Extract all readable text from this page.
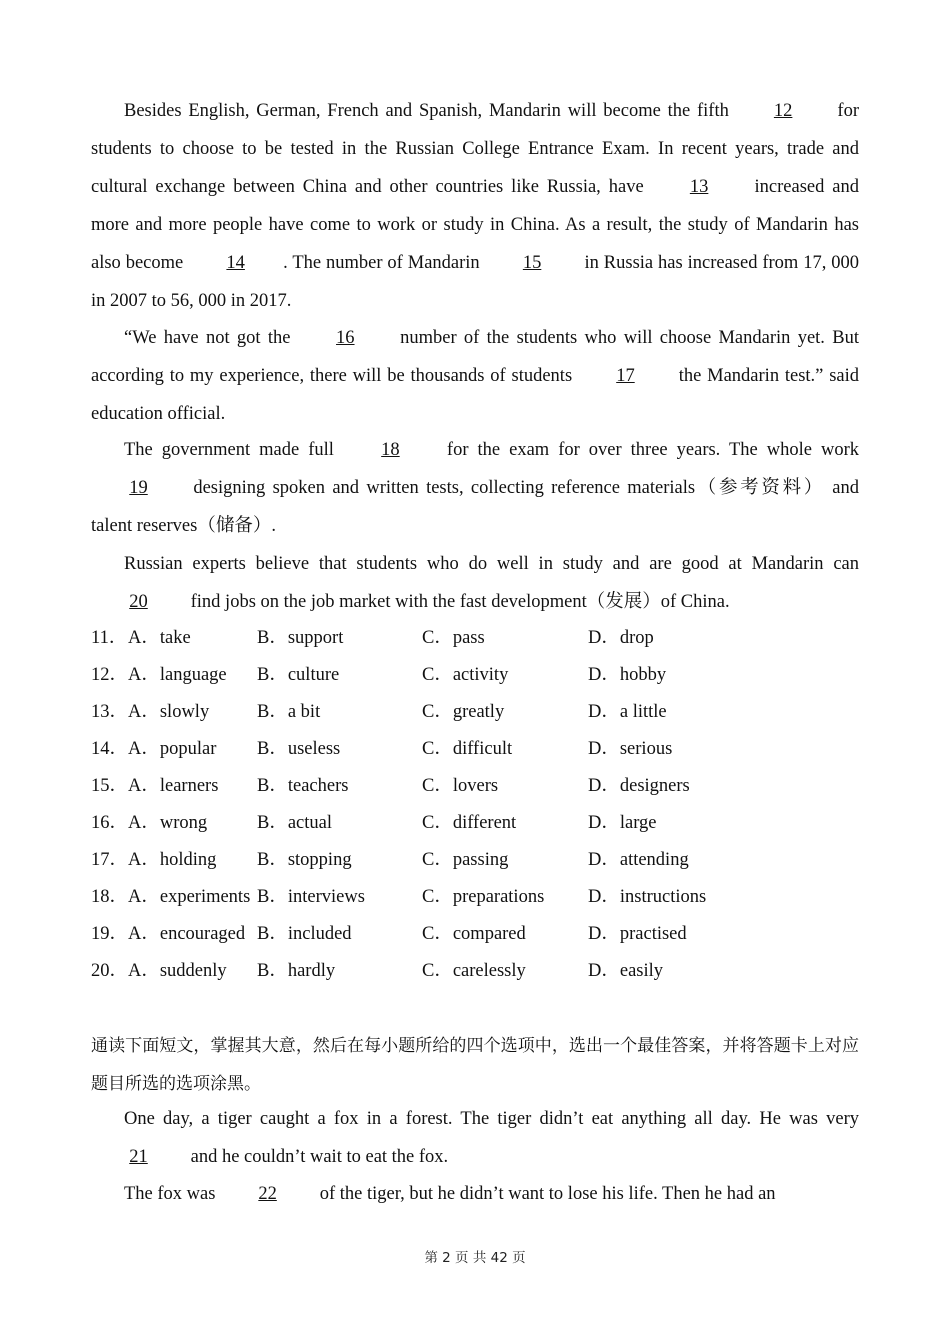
Besides English, German, French and Spanish, Mandarin will become the fifth 12 for students to choose to be tested in the Russian College Entrance Exam. In recent years, trade and cultural exchange between China and other countries like Russia, have 13 increased and more and more people have come to work or study in China. As a result, the study of Mandarin has also become 14 . The number of Mandarin 15 in Russia has increased from 17, 000 in 2007 to 56, 000 in 2017.

“We have not got the 16 number of the students who will choose Mandarin yet. But according to my experience, there will be thousands of students 17 the Mandarin test.” said education official.

The government made full 18 for the exam for over three years. The whole work 19 designing spoken and written tests, collecting reference materials（参考资料） and talent reserves（储备）.

Russian experts believe that students who do well in study and are good at Mandarin can 20 find jobs on the job market with the fast development（发展）of China.

11． A．take	B．support	C．pass	D．drop
12． A．language B．culture	C．activity	D．hobby
13． A．slowly	B．a bit	C．greatly	D．a little
14． A．popular B．useless	C．difficult	D．serious
15． A．learners B．teachers	C．lovers	D．designers
16． A．wrong	B．actual	C．different	D．large
17． A．holding B．stopping	C．passing	D．attending
18． A．experiments B．interviews	C．preparations D．instructions
19． A．encouraged B．included	C．compared	D．practised
20． A．suddenly B．hardly	C．carelessly	D．easily

通读下面短文，掌握其大意，然后在每小题所给的四个选项中，选出一个最佳答案，并将答题卡上对应题目所选的选项涂黑。

One day, a tiger caught a fox in a forest. The tiger didn’t eat anything all day. He was very 21 and he couldn’t wait to eat the fox.

The fox was 22 of the tiger, but he didn’t want to lose his life. Then he had an

第 2 页 共 42 页
